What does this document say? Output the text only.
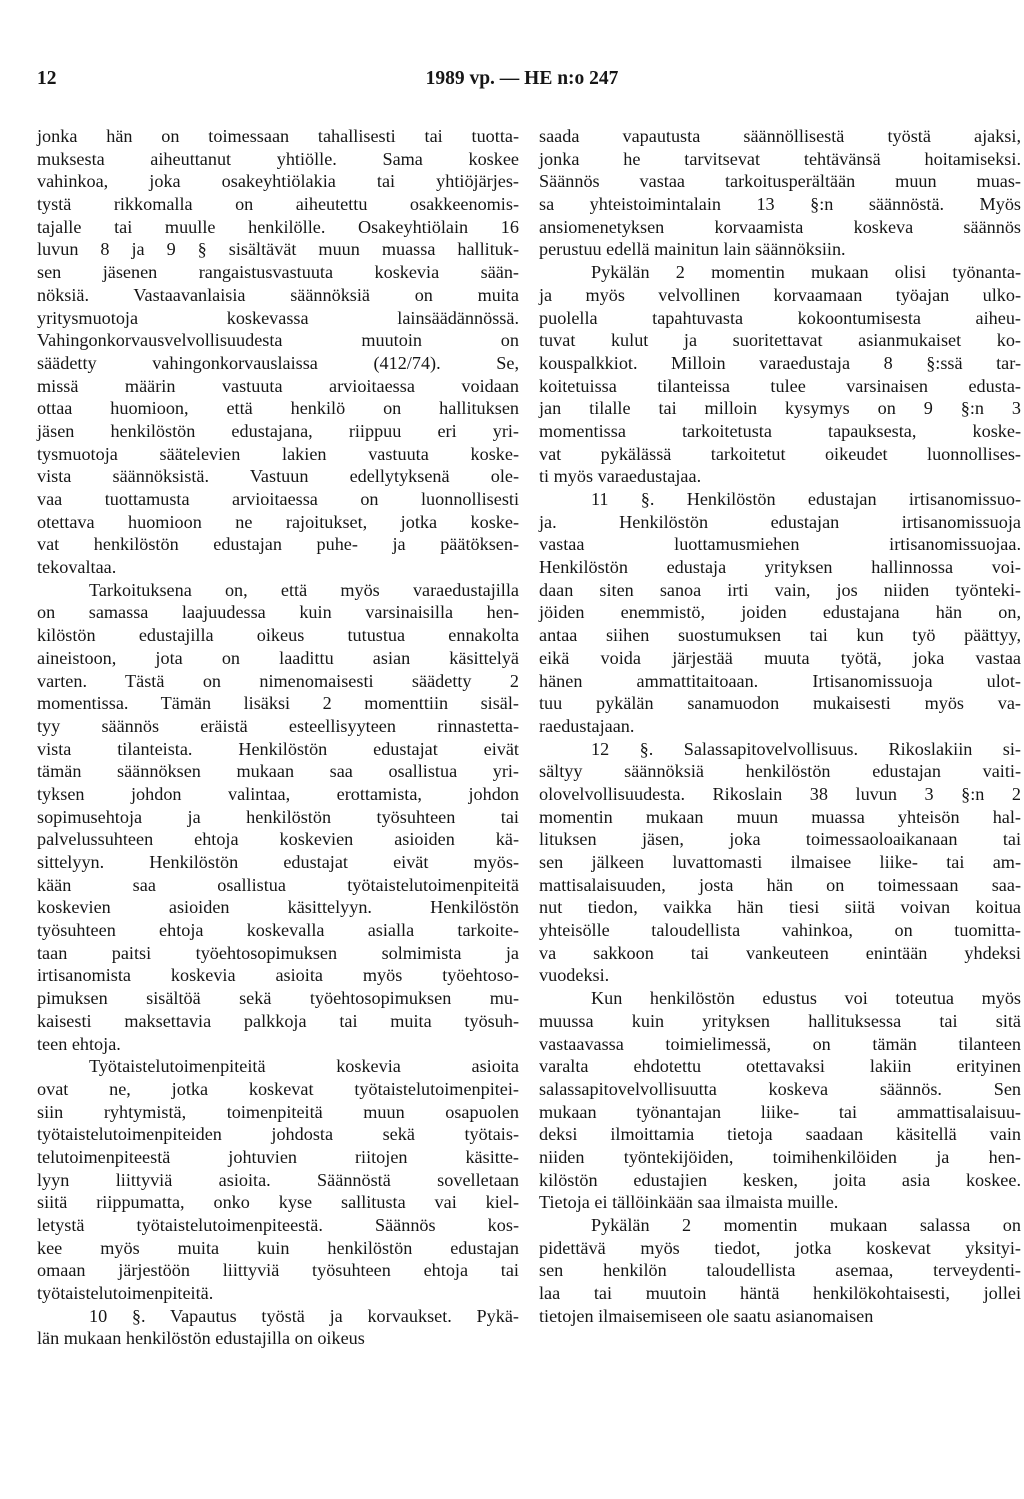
12	1989 vp. — HE n:o 247
jonka hän on toimessaan tahallisesti tai tuotta-
muksesta aiheuttanut yhtiölle. Sama koskee
vahinkoa, joka osakeyhtiölakia tai yhtiöjärjes-
tystä rikkomalla on aiheutettu osakkeenomis-
tajalle tai muulle henkilölle. Osakeyhtiölain 16
luvun 8 ja 9 § sisältävät muun muassa hallituk-
sen jäsenen rangaistusvastuuta koskevia sään-
nöksiä. Vastaavanlaisia säännöksiä on muita
yritysmuotoja koskevassa lainsäädännössä.
Vahingonkorvausvelvollisuudesta muutoin on
säädetty vahingonkorvauslaissa (412/74). Se,
missä määrin vastuuta arvioitaessa voidaan
ottaa huomioon, että henkilö on hallituksen
jäsen henkilöstön edustajana, riippuu eri yri-
tysmuotoja säätelevien lakien vastuuta koske-
vista säännöksistä. Vastuun edellytyksenä ole-
vaa tuottamusta arvioitaessa on luonnollisesti
otettava huomioon ne rajoitukset, jotka koske-
vat henkilöstön edustajan puhe- ja päätöksen-
tekovaltaa.
Tarkoituksena on, että myös varaedustajilla
on samassa laajuudessa kuin varsinaisilla hen-
kilöstön edustajilla oikeus tutustua ennakolta
aineistoon, jota on laadittu asian käsittelyä
varten. Tästä on nimenomaisesti säädetty 2
momentissa. Tämän lisäksi 2 momenttiin sisäl-
tyy säännös eräistä esteellisyyteen rinnastetta-
vista tilanteista. Henkilöstön edustajat eivät
tämän säännöksen mukaan saa osallistua yri-
tyksen johdon valintaa, erottamista, johdon
sopimusehtoja ja henkilöstön työsuhteen tai
palvelussuhteen ehtoja koskevien asioiden kä-
sittelyyn. Henkilöstön edustajat eivät myös-
kään saa osallistua työtaistelutoimenpiteitä
koskevien asioiden käsittelyyn. Henkilöstön
työsuhteen ehtoja koskevalla asialla tarkoite-
taan paitsi työehtosopimuksen solmimista ja
irtisanomista koskevia asioita myös työehtoso-
pimuksen sisältöä sekä työehtosopimuksen mu-
kaisesti maksettavia palkkoja tai muita työsuh-
teen ehtoja.
Työtaistelutoimenpiteitä koskevia asioita
ovat ne, jotka koskevat työtaistelutoimenpitei-
siin ryhtymistä, toimenpiteitä muun osapuolen
työtaistelutoimenpiteiden johdosta sekä työtais-
telutoimenpiteestä johtuvien riitojen käsitte-
lyyn liittyviä asioita. Säännöstä sovelletaan
siitä riippumatta, onko kyse sallitusta vai kiel-
letystä työtaistelutoimenpiteestä. Säännös kos-
kee myös muita kuin henkilöstön edustajan
omaan järjestöön liittyviä työsuhteen ehtoja tai
työtaistelutoimenpiteitä.
10 §. Vapautus työstä ja korvaukset. Pykä-
län mukaan henkilöstön edustajilla on oikeus
saada vapautusta säännöllisestä työstä ajaksi,
jonka he tarvitsevat tehtävänsä hoitamiseksi.
Säännös vastaa tarkoitusperältään muun muas-
sa yhteistoimintalain 13 §:n säännöstä. Myös
ansiomenetyksen korvaamista koskeva säännös
perustuu edellä mainitun lain säännöksiin.
Pykälän 2 momentin mukaan olisi työnanta-
ja myös velvollinen korvaamaan työajan ulko-
puolella tapahtuvasta kokoontumisesta aiheu-
tuvat kulut ja suoritettavat asianmukaiset ko-
kouspalkkiot. Milloin varaedustaja 8 §:ssä tar-
koitetuissa tilanteissa tulee varsinaisen edusta-
jan tilalle tai milloin kysymys on 9 §:n 3
momentissa tarkoitetusta tapauksesta, koske-
vat pykälässä tarkoitetut oikeudet luonnollises-
ti myös varaedustajaa.
11 §. Henkilöstön edustajan irtisanomissuo-
ja. Henkilöstön edustajan irtisanomissuoja
vastaa luottamusmiehen irtisanomissuojaa.
Henkilöstön edustaja yrityksen hallinnossa voi-
daan siten sanoa irti vain, jos niiden työnteki-
jöiden enemmistö, joiden edustajana hän on,
antaa siihen suostumuksen tai kun työ päättyy,
eikä voida järjestää muuta työtä, joka vastaa
hänen ammattitaitoaan. Irtisanomissuoja ulot-
tuu pykälän sanamuodon mukaisesti myös va-
raedustajaan.
12 §. Salassapitovelvollisuus. Rikoslakiin si-
sältyy säännöksiä henkilöstön edustajan vaiti-
olovelvollisuudesta. Rikoslain 38 luvun 3 §:n 2
momentin mukaan muun muassa yhteisön hal-
lituksen jäsen, joka toimessaoloaikanaan tai
sen jälkeen luvattomasti ilmaisee liike- tai am-
mattisalaisuuden, josta hän on toimessaan saa-
nut tiedon, vaikka hän tiesi siitä voivan koitua
yhteisölle taloudellista vahinkoa, on tuomitta-
va sakkoon tai vankeuteen enintään yhdeksi
vuodeksi.
Kun henkilöstön edustus voi toteutua myös
muussa kuin yrityksen hallituksessa tai sitä
vastaavassa toimielimessä, on tämän tilanteen
varalta ehdotettu otettavaksi lakiin erityinen
salassapitovelvollisuutta koskeva säännös. Sen
mukaan työnantajan liike- tai ammattisalaisuu-
deksi ilmoittamia tietoja saadaan käsitellä vain
niiden työntekijöiden, toimihenkilöiden ja hen-
kilöstön edustajien kesken, joita asia koskee.
Tietoja ei tällöinkään saa ilmaista muille.
Pykälän 2 momentin mukaan salassa on
pidettävä myös tiedot, jotka koskevat yksityi-
sen henkilön taloudellista asemaa, terveydenti-
laa tai muutoin häntä henkilökohtaisesti, jollei
tietojen ilmaisemiseen ole saatu asianomaisen
